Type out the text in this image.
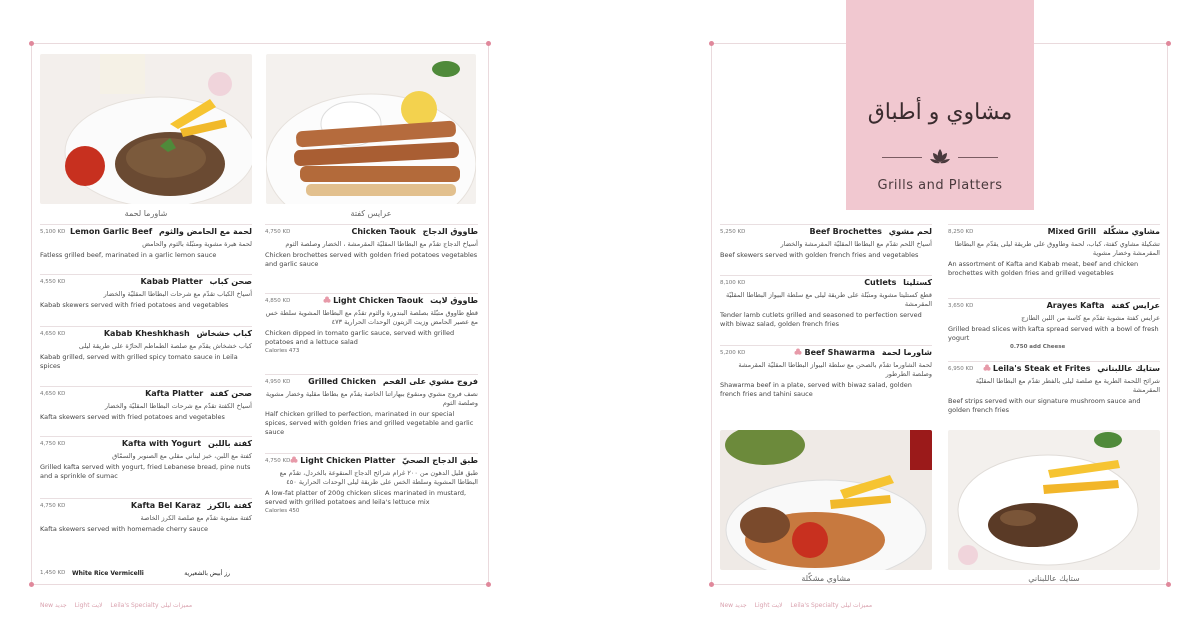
شاورما لحمة	عرايس كفتة
5,100 KD Lemon Garlic Beef لحمة مع الحامض والثوم
لحمة هبرة مشوية ومتبّلة بالثوم والحامض
Fatless grilled beef, marinated in a garlic lemon sauce
4,550 KD	Kabab Platter صحن كباب
أسياخ الكباب تقدّم مع شرحات البطاطا المقليّة والخضار
Kabab skewers served with fried potatoes and vegetables
4,650 KD	Kabab Kheshkhash كباب خشخاش
كباب خشخاش يقدّم مع صلصة الطماطم الحارّة على طريقة ليلى
Kabab grilled, served with grilled spicy tomato sauce in Leila spices
4,650 KD	Kafta Platter صحن كفتة
أسياخ الكفتة تقدّم مع شرحات البطاطا المقليّة والخضار
Kafta skewers served with fried potatoes and vegetables
4,750 KD	Kafta with Yogurt كفتة باللبن
كفتة مع اللبن، خبز لبناني مقلي مع الصنوبر والسمّاق
Grilled kafta served with yogurt, fried Lebanese bread, pine nuts and a sprinkle of sumac
4,750 KD	Kafta Bel Karaz كفتة بالكرز
كفتة مشوية تقدّم مع صلصة الكرز الخاصة
Kafta skewers served with homemade cherry sauce
4,750 KD	Chicken Taouk طاووق الدجاج
أسياخ الدجاج تقدّم مع البطاطا المقليّة المقرمشة ، الخضار وصلصة الثوم
Chicken brochettes served with golden fried potatoes vegetables and garlic sauce
4,850 KD	Light Chicken Taouk طاووق لايت
قطع طاووق متبّلة بصلصة البندورة والثوم تقدّم مع البطاطا المشوية سلطة خس مع عصير الحامض وزيت الزيتون الوحدات الحرارية ٤٧٣
Chicken dipped in tomato garlic sauce, served with grilled potatoes and a lettuce salad
Calories 473
4,950 KD Grilled Chicken فروج مشوي على الفحم
نصف فروج مشوي ومنقوع ببهاراتنا الخاصة يقدّم مع بطاطا مقلية وخضار مشوية وصلصة الثوم
Half chicken grilled to perfection, marinated in our special spices, served with golden fries and grilled vegetable and garlic sauce
4,750 KD	Light Chicken Platter طبق الدجاج الصحيّ
طبق قليل الدهون من ٢٠٠ غرام شرائح الدجاج المنقوعة بالخردل، تقدّم مع البطاطا المشوية وسلطة الخس على طريقة ليلى الوحدات الحرارية ٤٥٠
A low-fat platter of 200g chicken slices marinated in mustard, served with grilled potatoes and leila's lettuce mix
Calories 450
1,450 KD White Rice Vermicelli	رز أبيض بالشعيرية
New جديد Light لايت Leila's Specialty مميزات ليلى
5,250 KD	Beef Brochettes لحم مشوي
أسياخ اللحم تقدّم مع البطاطا المقليّة المقرمشة والخضار
Beef skewers served with golden french fries and vegetables
8,100 KD	Cutlets كستليتا
قطع كستليتا مشوية ومتبّلة على طريقة ليلى مع سلطة البيواز البطاطا المقليّة المقرمشة
Tender lamb cutlets grilled and seasoned to perfection served with biwaz salad, golden french fries
5,200 KD	Beef Shawarma شاورما لحمة
لحمة الشاورما تقدّم بالصحن مع سلطة البيواز البطاطا المقليّة المقرمشة وصلصة الطرطور
Shawarma beef in a plate, served with biwaz salad, golden french fries and tahini sauce
8,250 KD	Mixed Grill مشاوي مشكّلة
تشكيلة مشاوي كفتة، كباب، لحمة وطاووق على طريقة ليلى يقدّم مع البطاطا المقرمشة وخضار مشوية
An assortment of Kafta and Kabab meat, beef and chicken brochettes with golden fries and grilled vegetables
3,650 KD	Arayes Kafta عرايس كفتة
عرايس كفتة مشوية تقدّم مع كاسة من اللبن الطازج
Grilled bread slices with kafta spread served with a bowl of fresh yogurt
0.750 add Cheese
6,950 KD	Leila's Steak et Frites ستايك عاللبناني
شرائح اللحمة الطرية مع صلصة ليلى بالفطر تقدّم مع البطاطا المقليّة المقرمشة
Beef strips served with our signature mushroom sauce and golden french fries
مشاوي مشكّلة	ستايك عاللبناني
New جديد Light لايت Leila's Specialty مميزات ليلى
مشاوي و أطباق
Grills and Platters
